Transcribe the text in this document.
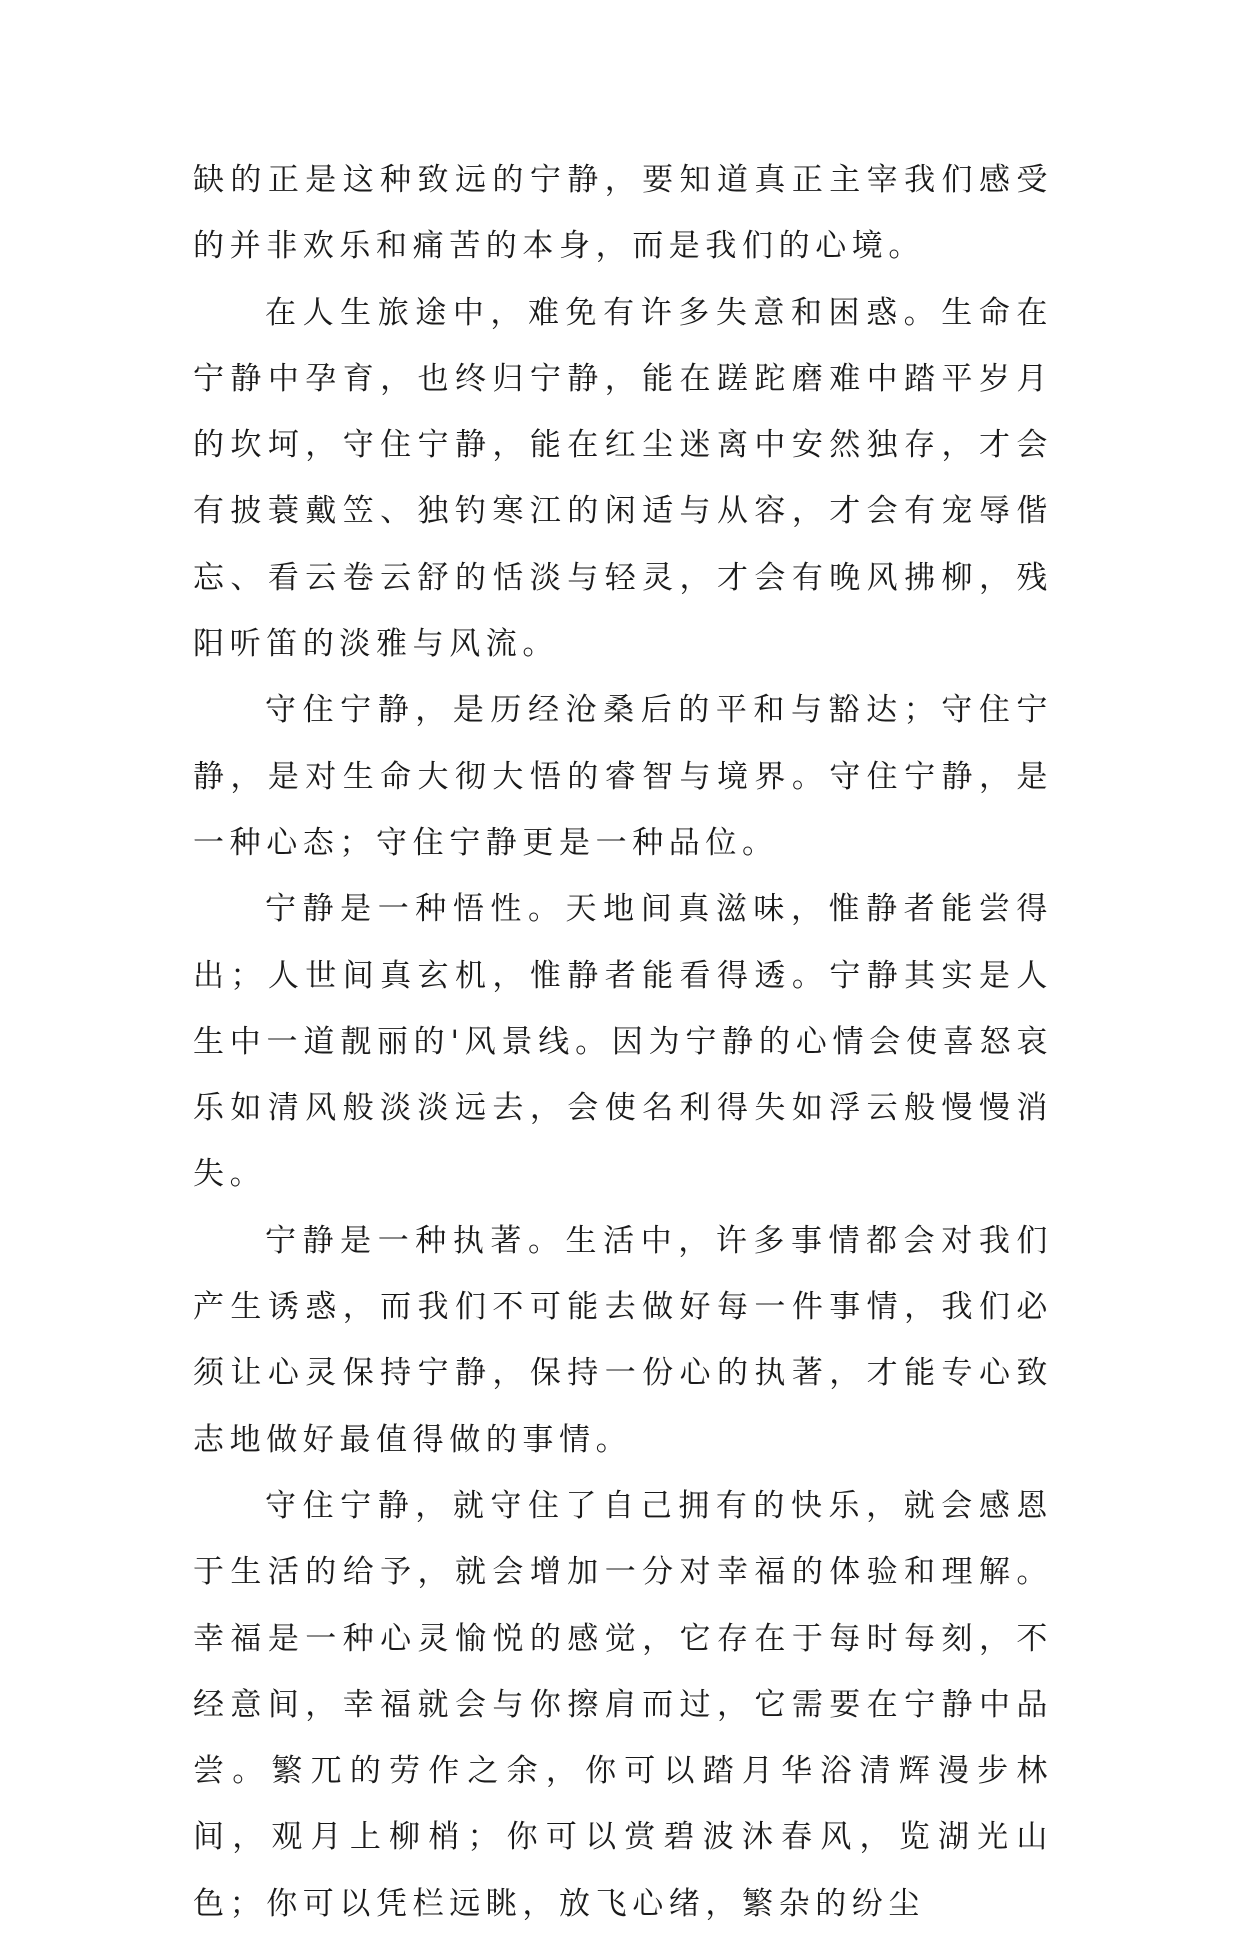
缺的正是这种致远的宁静，要知道真正主宰我们感受的并非欢乐和痛苦的本身，而是我们的心境。

在人生旅途中，难免有许多失意和困惑。生命在宁静中孕育，也终归宁静，能在蹉跎磨难中踏平岁月的坎坷，守住宁静，能在红尘迷离中安然独存，才会有披蓑戴笠、独钓寒江的闲适与从容，才会有宠辱偕忘、看云卷云舒的恬淡与轻灵，才会有晚风拂柳，残阳听笛的淡雅与风流。

守住宁静，是历经沧桑后的平和与豁达；守住宁静，是对生命大彻大悟的睿智与境界。守住宁静，是一种心态；守住宁静更是一种品位。

宁静是一种悟性。天地间真滋味，惟静者能尝得出；人世间真玄机，惟静者能看得透。宁静其实是人生中一道靓丽的'风景线。因为宁静的心情会使喜怒哀乐如清风般淡淡远去，会使名利得失如浮云般慢慢消失。

宁静是一种执著。生活中，许多事情都会对我们产生诱惑，而我们不可能去做好每一件事情，我们必须让心灵保持宁静，保持一份心的执著，才能专心致志地做好最值得做的事情。

守住宁静，就守住了自己拥有的快乐，就会感恩于生活的给予，就会增加一分对幸福的体验和理解。幸福是一种心灵愉悦的感觉，它存在于每时每刻，不经意间，幸福就会与你擦肩而过，它需要在宁静中品尝。繁兀的劳作之余，你可以踏月华浴清辉漫步林间，观月上柳梢；你可以赏碧波沐春风，览湖光山色；你可以凭栏远眺，放飞心绪，繁杂的纷尘
